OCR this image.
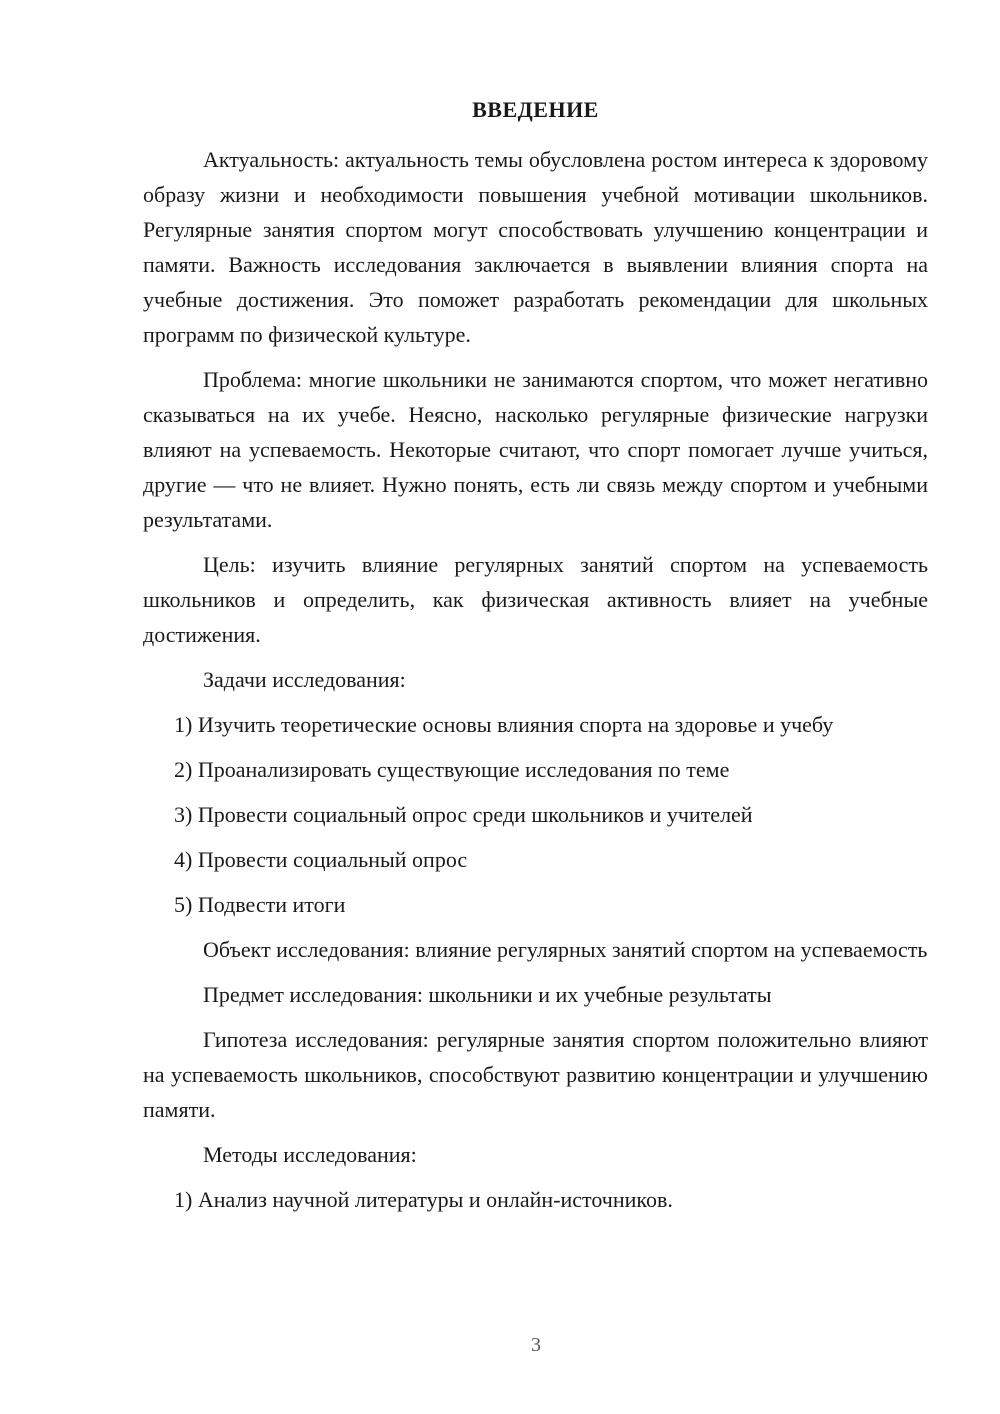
ВВЕДЕНИЕ

Актуальность: актуальность темы обусловлена ростом интереса к здоровому образу жизни и необходимости повышения учебной мотивации школьников. Регулярные занятия спортом могут способствовать улучшению концентрации и памяти. Важность исследования заключается в выявлении влияния спорта на учебные достижения. Это поможет разработать рекомендации для школьных программ по физической культуре.

Проблема: многие школьники не занимаются спортом, что может негативно сказываться на их учебе. Неясно, насколько регулярные физические нагрузки влияют на успеваемость. Некоторые считают, что спорт помогает лучше учиться, другие — что не влияет. Нужно понять, есть ли связь между спортом и учебными результатами.

Цель: изучить влияние регулярных занятий спортом на успеваемость школьников и определить, как физическая активность влияет на учебные достижения.

Задачи исследования:

1) Изучить теоретические основы влияния спорта на здоровье и учебу
2) Проанализировать существующие исследования по теме
3) Провести социальный опрос среди школьников и учителей
4) Провести социальный опрос
5) Подвести итоги

Объект исследования: влияние регулярных занятий спортом на успеваемость

Предмет исследования: школьники и их учебные результаты

Гипотеза исследования: регулярные занятия спортом положительно влияют на успеваемость школьников, способствуют развитию концентрации и улучшению памяти.

Методы исследования:

1) Анализ научной литературы и онлайн-источников.
3
